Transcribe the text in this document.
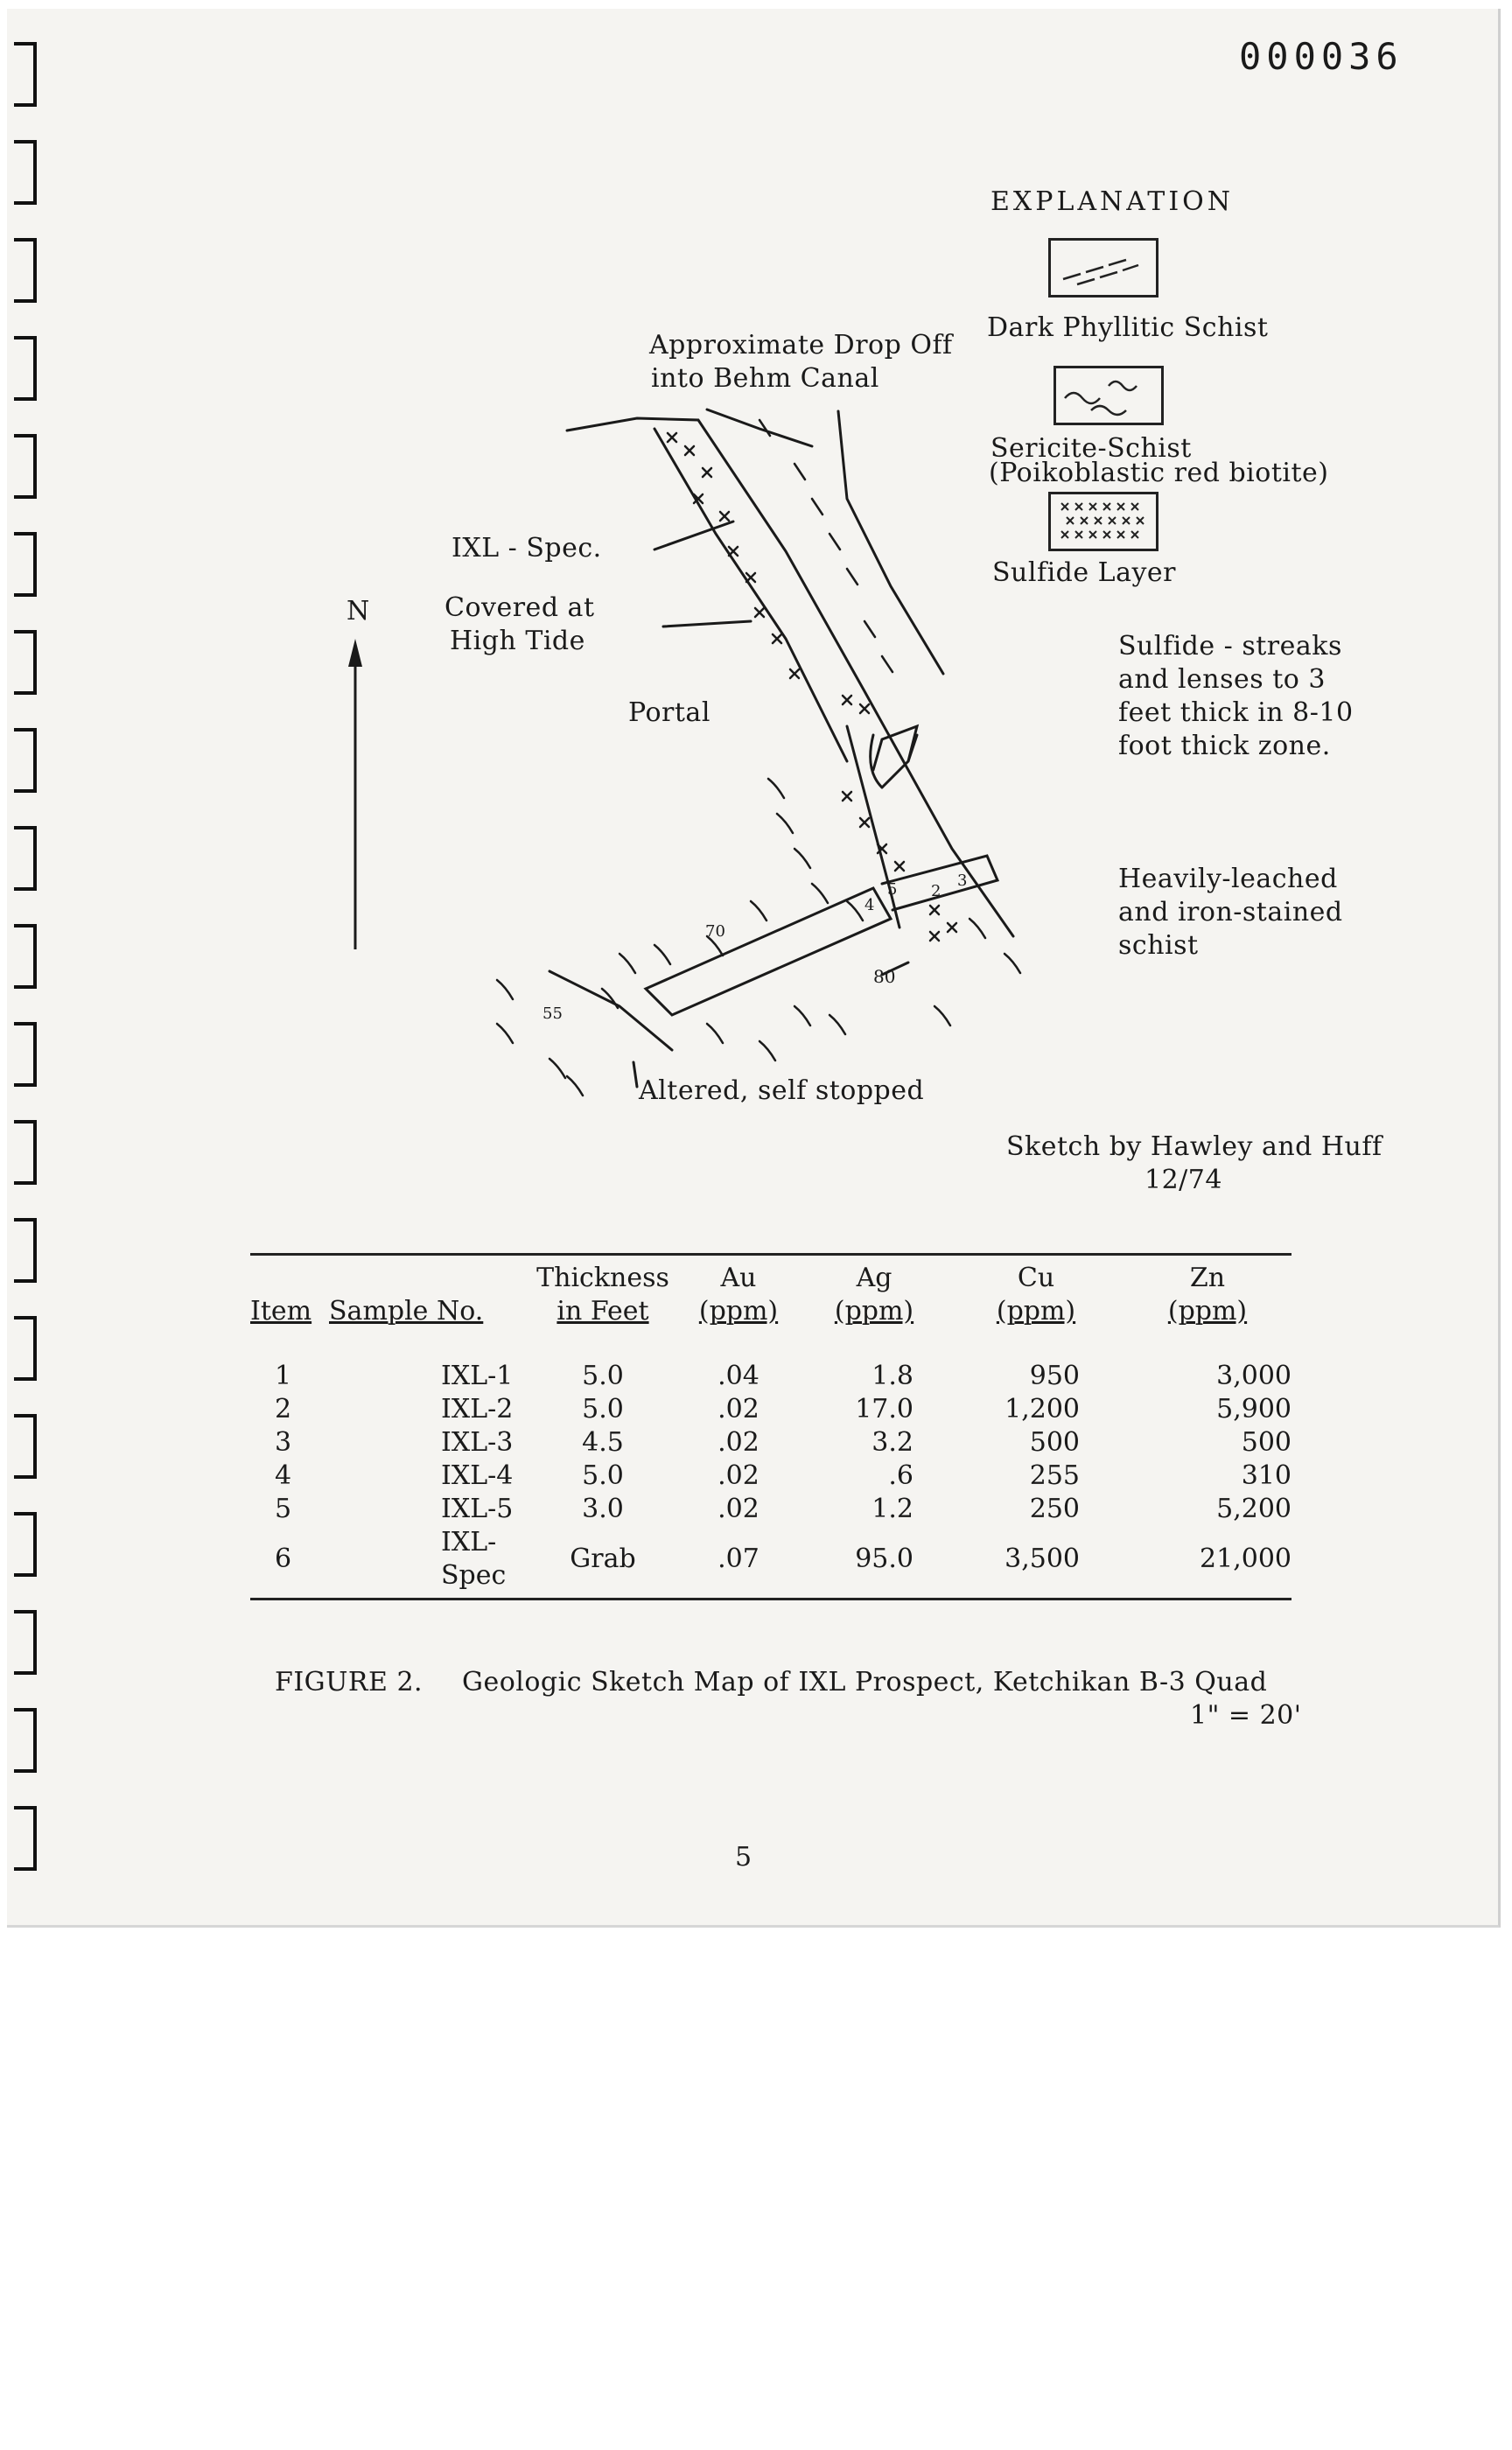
000036
EXPLANATION
Dark Phyllitic Schist
Sericite-Schist
(Poikoblastic red biotite)
Sulfide Layer
Sulfide - streaks
and lenses to 3
feet thick in 8-10
foot thick zone.
Heavily-leached
and iron-stained
schist
Approximate Drop Off
into Behm Canal
IXL - Spec.
N	Covered at
High Tide
Portal
Altered, self stopped
70
80
55
5 2
3
4
Sketch by Hawley and Huff
12/74
		Thickness	Au	Ag	Cu	Zn
Item	Sample No.	in Feet	(ppm)	(ppm)	(ppm)	(ppm)

1	IXL-1	5.0	.04	1.8	950	3,000
2	IXL-2	5.0	.02	17.0	1,200	5,900
3	IXL-3	4.5	.02	3.2	500	500
4	IXL-4	5.0	.02	.6	255	310
5	IXL-5	3.0	.02	1.2	250	5,200
6	IXL-Spec	Grab	.07	95.0	3,500	21,000
FIGURE 2. Geologic Sketch Map of IXL Prospect, Ketchikan B-3 Quad
1" = 20'
5
